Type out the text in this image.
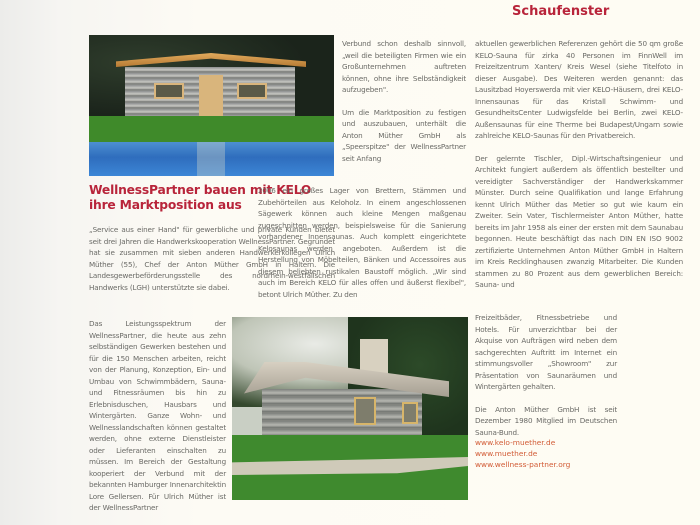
Schaufenster

Verbund schon deshalb sinnvoll, „weil die beteiligten Firmen wie ein Großunternehmen auftreten können, ohne ihre Selbständigkeit aufzugeben".

Um die Marktposition zu festigen und auszubauen, unterhält die Anton Müther GmbH als „Speerspitze" der WellnessPartner seit Anfang

WellnessPartner bauen mit KELO ihre Marktposition aus

„Service aus einer Hand" für gewerbliche und private Kunden bietet seit drei Jahren die Handwerkskooperation WellnessPartner. Gegründet hat sie zusammen mit sieben anderen Handwerkerkollegen Ulrich Müther (55), Chef der Anton Müther GmbH in Haltern. Die Landesgewerbeförderungsstelle des nordrhein-westfälischen Handwerks (LGH) unterstützte sie dabei.

Das Leistungsspektrum der WellnessPartner, die heute aus zehn selbständigen Gewerken bestehen und für die 150 Menschen arbeiten, reicht von der Planung, Konzeption, Ein- und Umbau von Schwimmbädern, Sauna- und Fitnessräumen bis hin zu Erlebnisduschen, Hausbars und Wintergärten. Ganze Wohn- und Wellnesslandschaften können gestaltet werden, ohne externe Dienstleister oder Lieferanten einschalten zu müssen. Im Bereich der Gestaltung kooperiert der Verbund mit der bekannten Hamburger Innenarchitektin Lore Gellersen. Für Ulrich Müther ist der WellnessPartner

2006 ein großes Lager von Brettern, Stämmen und Zubehörteilen aus Keloholz. In einem angeschlossenen Sägewerk können auch kleine Mengen maßgenau zugeschnitten werden, beispielsweise für die Sanierung vorhandener Innensaunas. Auch komplett eingerichtete Kelosaunas werden angeboten. Außerdem ist die Herstellung von Möbelteilen, Bänken und Accessoires aus diesem beliebten rustikalen Baustoff möglich. „Wir sind auch im Bereich KELO für alles offen und äußerst flexibel", betont Ulrich Müther. Zu den

aktuellen gewerblichen Referenzen gehört die 50 qm große KELO-Sauna für zirka 40 Personen im FinnWell im Freizeitzentrum Xanten/ Kreis Wesel (siehe Titelfoto in dieser Ausgabe). Des Weiteren werden genannt: das Lausitzbad Hoyerswerda mit vier KELO-Häusern, drei KELO-Innensaunas für das Kristall Schwimm- und GesundheitsCenter Ludwigsfelde bei Berlin, zwei KELO-Außensaunas für eine Therme bei Budapest/Ungarn sowie zahlreiche KELO-Saunas für den Privatbereich.

Der gelernte Tischler, Dipl.-Wirtschaftsingenieur und Architekt fungiert außerdem als öffentlich bestellter und vereidigter Sachverständiger der Handwerkskammer Münster. Durch seine Qualifikation und lange Erfahrung kennt Ulrich Müther das Metier so gut wie kaum ein Zweiter. Sein Vater, Tischlermeister Anton Müther, hatte bereits im Jahr 1958 als einer der ersten mit dem Saunabau begonnen. Heute beschäftigt das nach DIN EN ISO 9002 zertifizierte Unternehmen Anton Müther GmbH in Haltern im Kreis Recklinghausen zwanzig Mitarbeiter. Die Kunden stammen zu 80 Prozent aus dem gewerblichen Bereich: Sauna- und

Freizeitbäder, Fitnessbetriebe und Hotels. Für unverzichtbar bei der Akquise von Aufträgen wird neben dem sachgerechten Auftritt im Internet ein stimmungsvoller „Showroom" zur Präsentation von Saunaräumen und Wintergärten gehalten.

Die Anton Müther GmbH ist seit Dezember 1980 Mitglied im Deutschen Sauna-Bund.

www.kelo-muether.de
www.muether.de
www.wellness-partner.org
